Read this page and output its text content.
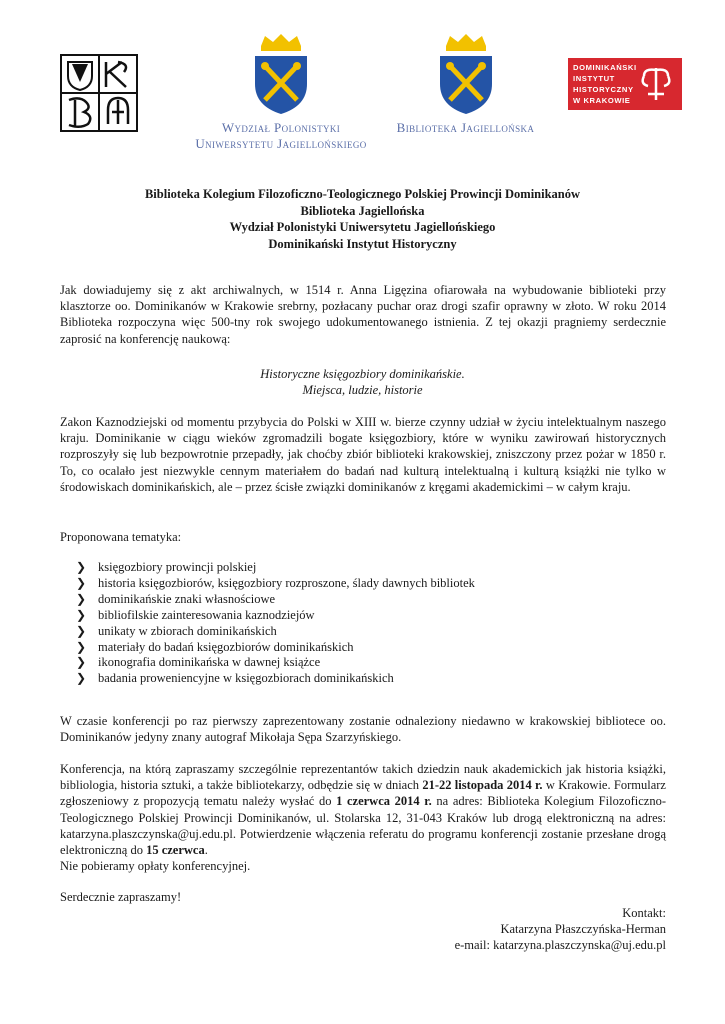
Wydział Polonistyki
Uniwersytetu Jagiellońskiego
Biblioteka Jagiellońska
DOMINIKAŃSKI
INSTYTUT
HISTORYCZNY
W KRAKOWIE
Biblioteka Kolegium Filozoficzno-Teologicznego Polskiej Prowincji Dominikanów
Biblioteka Jagiellońska
Wydział Polonistyki Uniwersytetu Jagiellońskiego
Dominikański Instytut Historyczny
Jak dowiadujemy się z akt archiwalnych, w 1514 r. Anna Ligęzina ofiarowała na wybudowanie biblioteki przy klasztorze oo. Dominikanów w Krakowie srebrny, pozłacany puchar oraz drogi szafir oprawny w złoto. W roku 2014 Biblioteka rozpoczyna więc 500-tny rok swojego udokumentowanego istnienia. Z tej okazji pragniemy serdecznie zaprosić na konferencję naukową:
Historyczne księgozbiory dominikańskie.
Miejsca, ludzie, historie
Zakon Kaznodziejski od momentu przybycia do Polski w XIII w. bierze czynny udział w życiu intelektualnym naszego kraju. Dominikanie w ciągu wieków zgromadzili bogate księgozbiory, które w wyniku zawirowań historycznych rozproszyły się lub bezpowrotnie przepadły, jak choćby zbiór biblioteki krakowskiej, zniszczony przez pożar w 1850 r. To, co ocalało jest niezwykle cennym materiałem do badań nad kulturą intelektualną i kulturą książki nie tylko w środowiskach dominikańskich, ale – przez ścisłe związki dominikanów z kręgami akademickimi – w całym kraju.
Proponowana tematyka:
❯ księgozbiory prowincji polskiej
❯ historia księgozbiorów, księgozbiory rozproszone, ślady dawnych bibliotek
❯ dominikańskie znaki własnościowe
❯ bibliofilskie zainteresowania kaznodziejów
❯ unikaty w zbiorach dominikańskich
❯ materiały do badań księgozbiorów dominikańskich
❯ ikonografia dominikańska w dawnej książce
❯ badania proweniencyjne w księgozbiorach dominikańskich
W czasie konferencji po raz pierwszy zaprezentowany zostanie odnaleziony niedawno w krakowskiej bibliotece oo. Dominikanów jedyny znany autograf Mikołaja Sępa Szarzyńskiego.
Konferencja, na którą zapraszamy szczególnie reprezentantów takich dziedzin nauk akademickich jak historia książki, bibliologia, historia sztuki, a także bibliotekarzy, odbędzie się w dniach 21-22 listopada 2014 r. w Krakowie. Formularz zgłoszeniowy z propozycją tematu należy wysłać do 1 czerwca 2014 r. na adres: Biblioteka Kolegium Filozoficzno-Teologicznego Polskiej Prowincji Dominikanów, ul. Stolarska 12, 31-043 Kraków lub drogą elektroniczną na adres: katarzyna.plaszczynska@uj.edu.pl. Potwierdzenie włączenia referatu do programu konferencji zostanie przesłane drogą elektroniczną do 15 czerwca.
Nie pobieramy opłaty konferencyjnej.
Serdecznie zapraszamy!
Kontakt:
Katarzyna Płaszczyńska-Herman
e-mail: katarzyna.plaszczynska@uj.edu.pl
